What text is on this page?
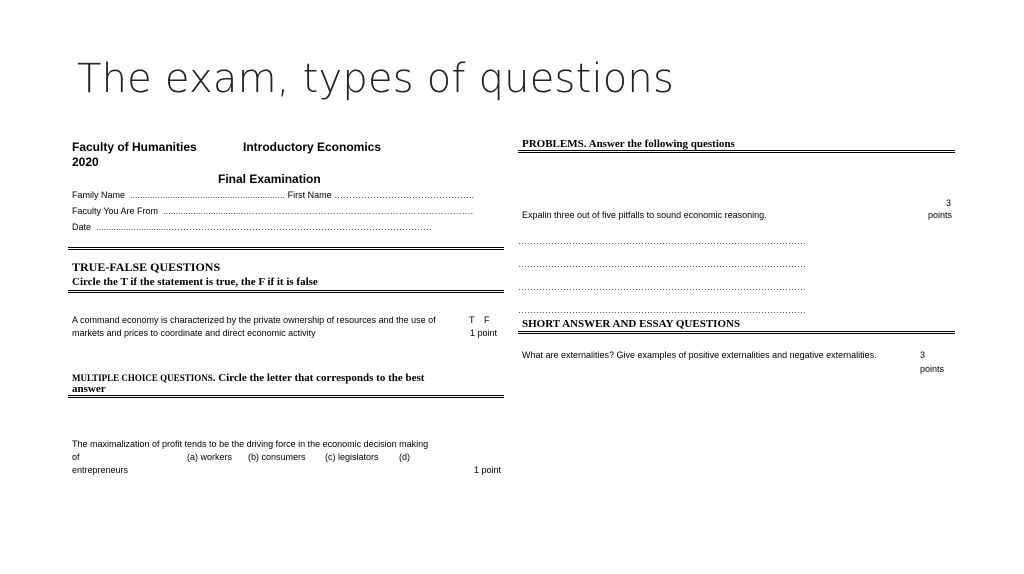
The exam, types of questions
Faculty of Humanities	Introductory Economics
2020
Final Examination
Family Name  .............................................................. First Name ………………………………………..
Faculty You Are From  .................................………………………………………………………………….
Date  ..............................……………………………………………………………………………
TRUE-FALSE QUESTIONS
Circle the T if the statement is true, the F if it is false
A command economy is characterized by the private ownership of resources and the use of
markets and prices to coordinate and direct economic activity
T F
1 point
MULTIPLE CHOICE QUESTIONS. Circle the letter that corresponds to the best
answer
The maximalization of profit tends to be the driving force in the economic decision making
of	(a) workers (b) consumers (c) legislators (d)
entrepreneurs	1 point
PROBLEMS. Answer the following questions
Expalin three out of five pitfalls to sound economic reasoning.
3
points
……………………………………………………………………………………
……………………………………………………………………………………
……………………………………………………………………………………
……………………………………………………………………………………
SHORT ANSWER AND ESSAY QUESTIONS
What are externalities? Give examples of positive externalities and negative externalities.	3
points
